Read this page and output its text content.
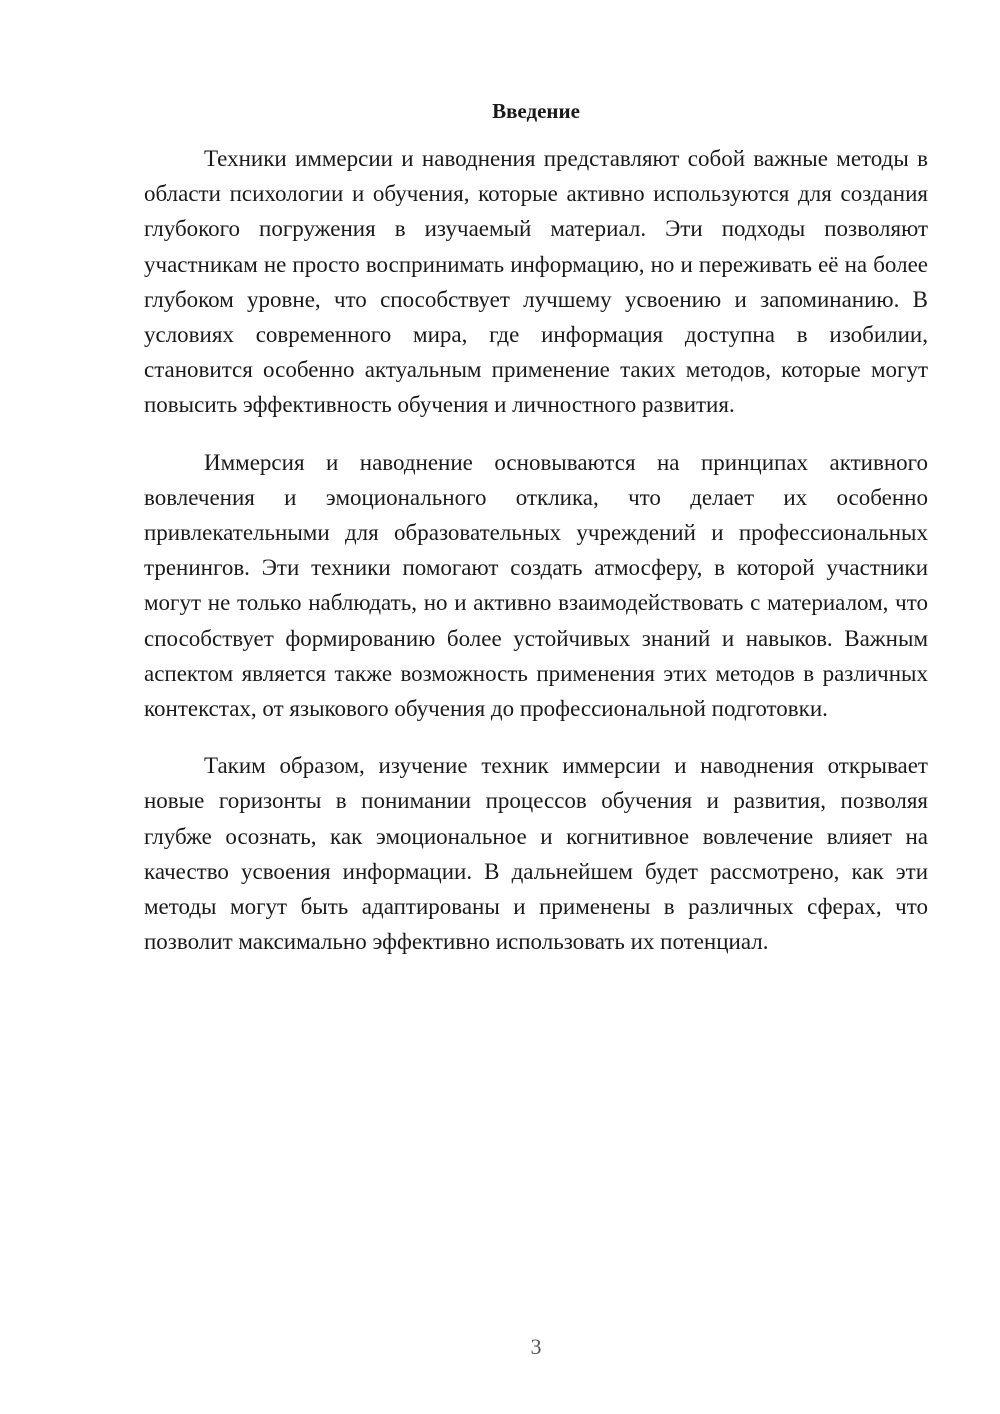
Введение

Техники иммерсии и наводнения представляют собой важные методы в области психологии и обучения, которые активно используются для создания глубокого погружения в изучаемый материал. Эти подходы позволяют участникам не просто воспринимать информацию, но и переживать её на более глубоком уровне, что способствует лучшему усвоению и запоминанию. В условиях современного мира, где информация доступна в изобилии, становится особенно актуальным применение таких методов, которые могут повысить эффективность обучения и личностного развития.

Иммерсия и наводнение основываются на принципах активного вовлечения и эмоционального отклика, что делает их особенно привлекательными для образовательных учреждений и профессиональных тренингов. Эти техники помогают создать атмосферу, в которой участники могут не только наблюдать, но и активно взаимодействовать с материалом, что способствует формированию более устойчивых знаний и навыков. Важным аспектом является также возможность применения этих методов в различных контекстах, от языкового обучения до профессиональной подготовки.

Таким образом, изучение техник иммерсии и наводнения открывает новые горизонты в понимании процессов обучения и развития, позволяя глубже осознать, как эмоциональное и когнитивное вовлечение влияет на качество усвоения информации. В дальнейшем будет рассмотрено, как эти методы могут быть адаптированы и применены в различных сферах, что позволит максимально эффективно использовать их потенциал.

3
